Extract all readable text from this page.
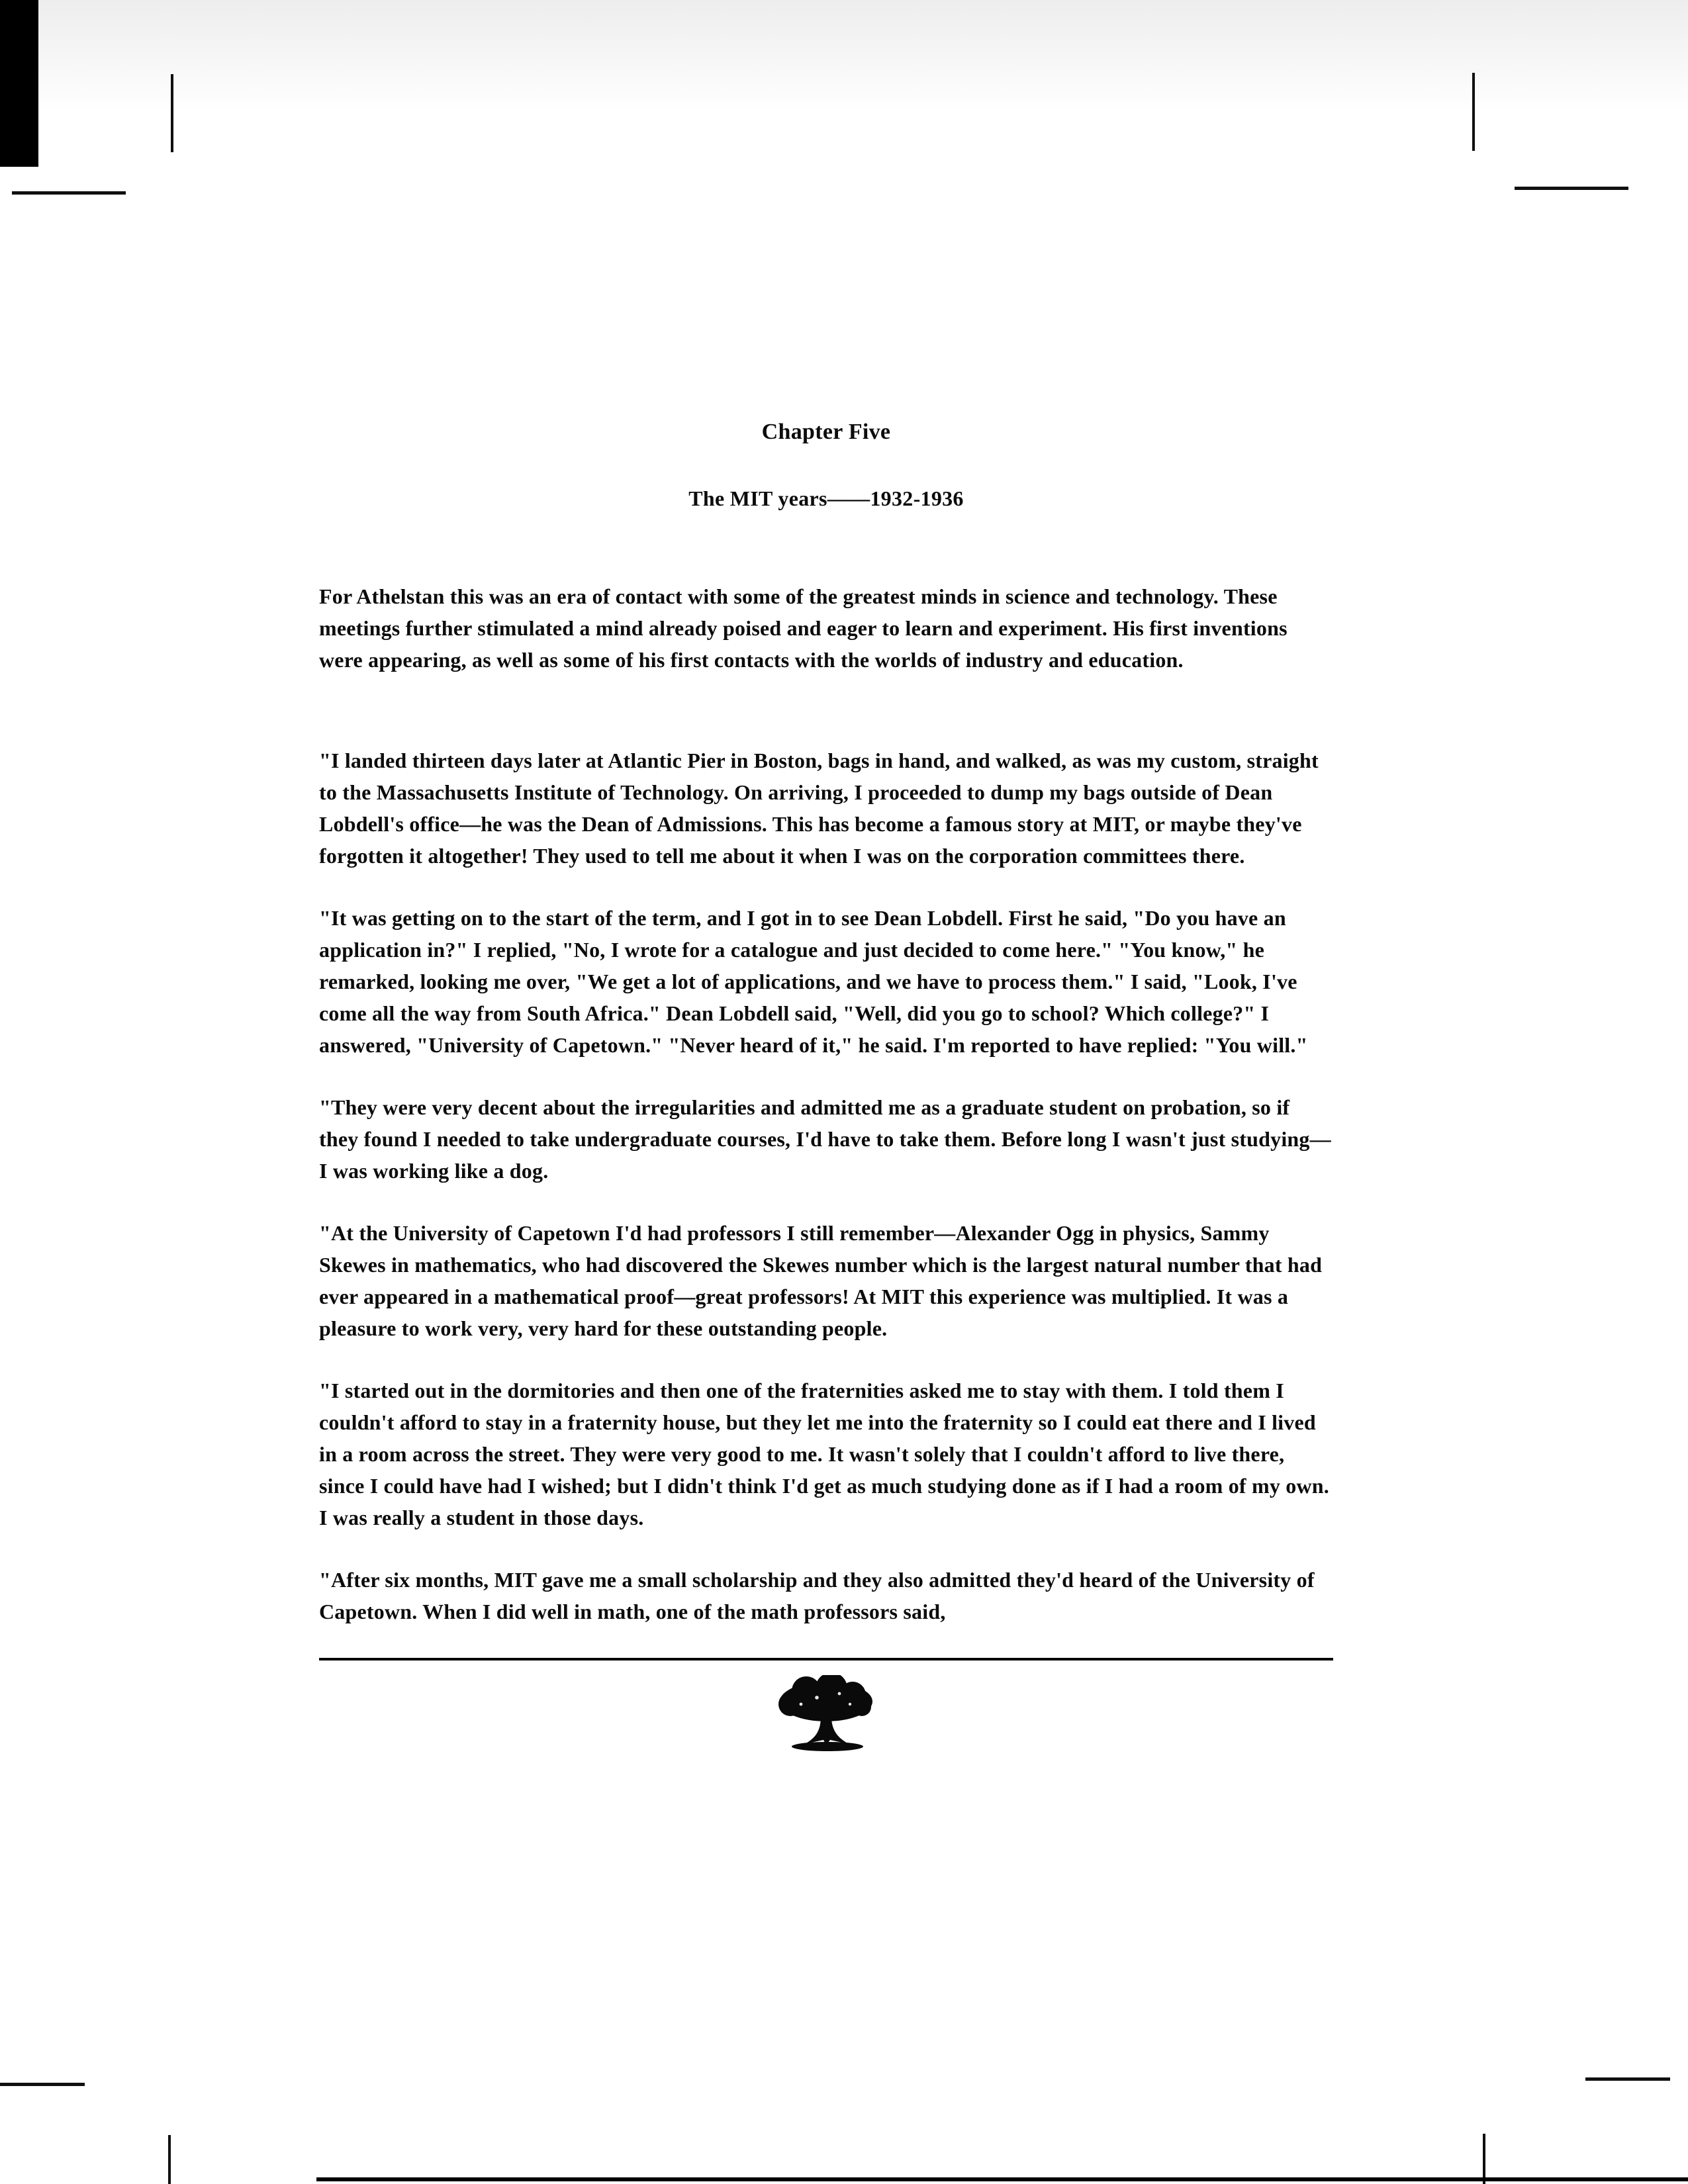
Chapter Five
The MIT years——1932-1936

For Athelstan this was an era of contact with some of the greatest minds in science and technology. These meetings further stimulated a mind already poised and eager to learn and experiment. His first inventions were appearing, as well as some of his first contacts with the worlds of industry and education.

"I landed thirteen days later at Atlantic Pier in Boston, bags in hand, and walked, as was my custom, straight to the Massachusetts Institute of Technology. On arriving, I proceeded to dump my bags outside of Dean Lobdell's office—he was the Dean of Admissions. This has become a famous story at MIT, or maybe they've forgotten it altogether! They used to tell me about it when I was on the corporation committees there.

"It was getting on to the start of the term, and I got in to see Dean Lobdell. First he said, "Do you have an application in?" I replied, "No, I wrote for a catalogue and just decided to come here." "You know," he remarked, looking me over, "We get a lot of applications, and we have to process them." I said, "Look, I've come all the way from South Africa." Dean Lobdell said, "Well, did you go to school? Which college?" I answered, "University of Capetown." "Never heard of it," he said. I'm reported to have replied: "You will."

"They were very decent about the irregularities and admitted me as a graduate student on probation, so if they found I needed to take undergraduate courses, I'd have to take them. Before long I wasn't just studying—I was working like a dog.

"At the University of Capetown I'd had professors I still remember—Alexander Ogg in physics, Sammy Skewes in mathematics, who had discovered the Skewes number which is the largest natural number that had ever appeared in a mathematical proof—great professors! At MIT this experience was multiplied. It was a pleasure to work very, very hard for these outstanding people.

"I started out in the dormitories and then one of the fraternities asked me to stay with them. I told them I couldn't afford to stay in a fraternity house, but they let me into the fraternity so I could eat there and I lived in a room across the street. They were very good to me. It wasn't solely that I couldn't afford to live there, since I could have had I wished; but I didn't think I'd get as much studying done as if I had a room of my own. I was really a student in those days.

"After six months, MIT gave me a small scholarship and they also admitted they'd heard of the University of Capetown. When I did well in math, one of the math professors said,
